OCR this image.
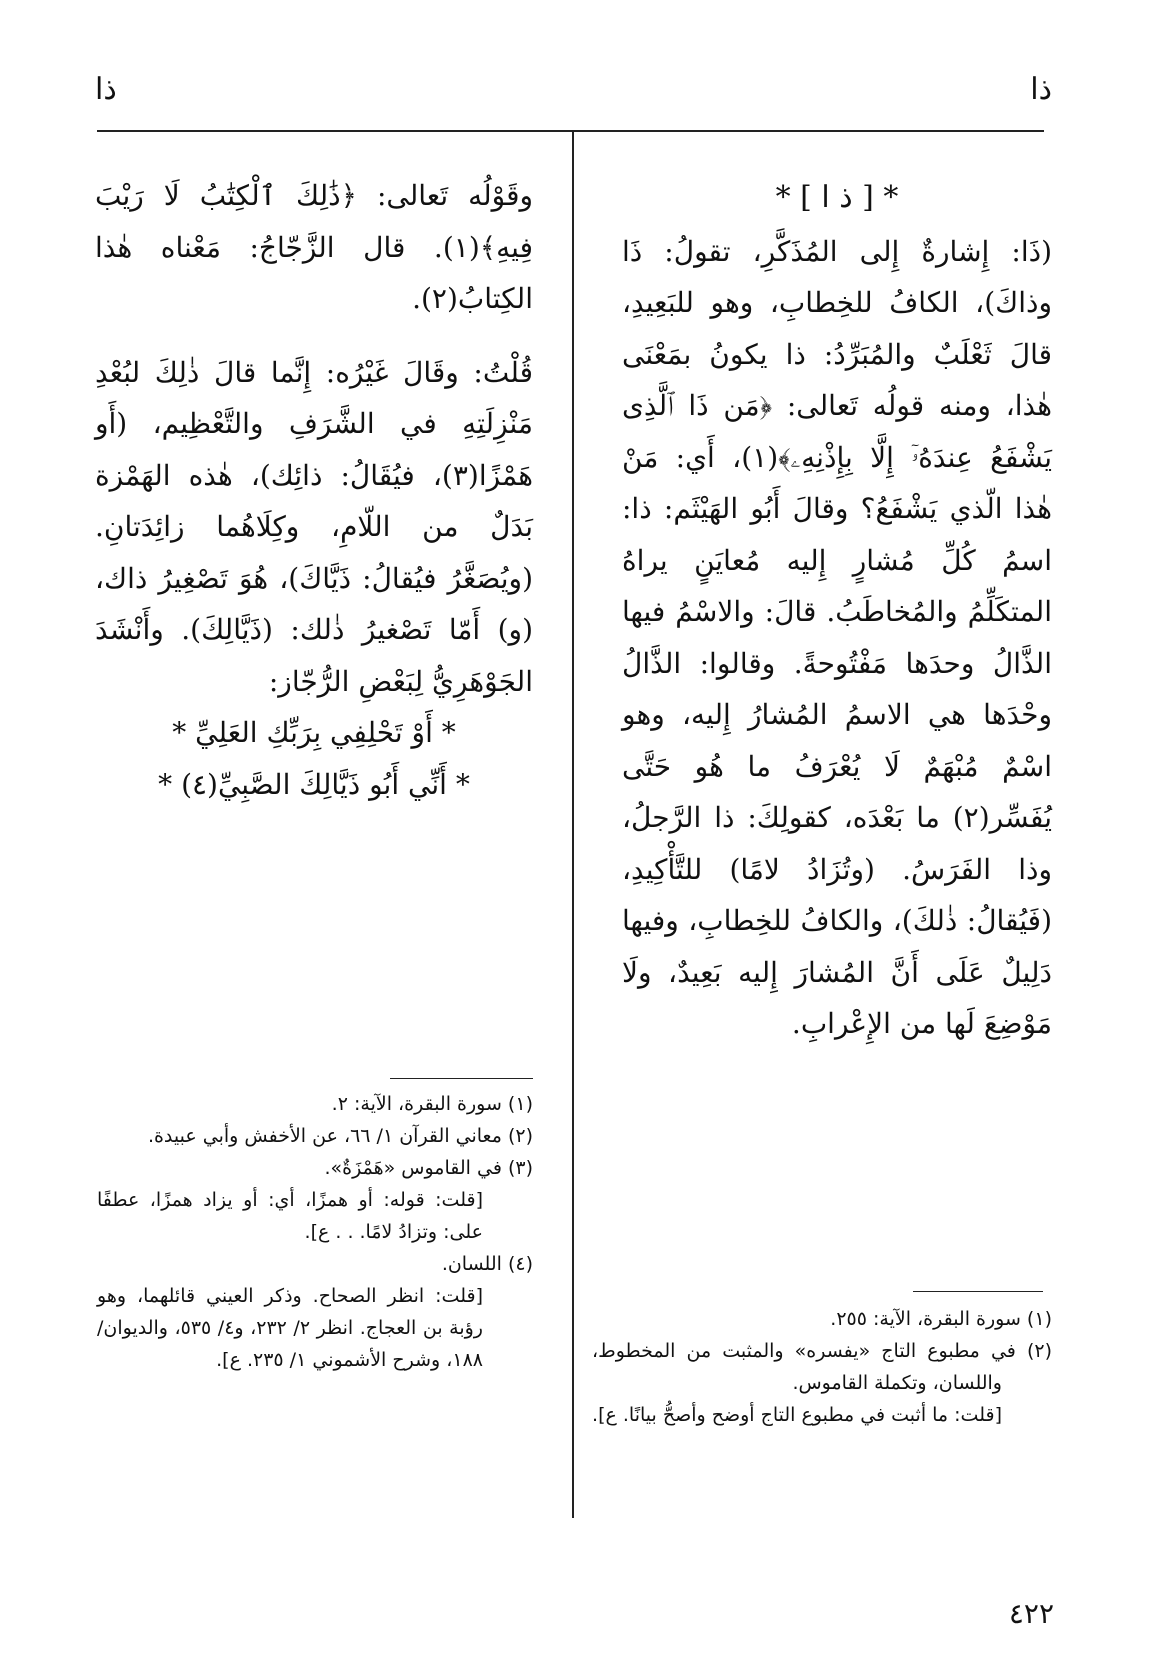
ذا
ذا
* [ ذ ا ] *

(ذَا: إِشارةٌ إِلى المُذَكَّرِ، تقولُ: ذَا وذاكَ)، الكافُ للخِطابِ، وهو للبَعِيدِ، قالَ ثَعْلَبٌ والمُبَرِّدُ: ذا يكونُ بمَعْنَى هٰذا، ومنه قولُه تَعالى: ﴿مَن ذَا ٱلَّذِى يَشْفَعُ عِندَهُۥٓ إِلَّا بِإِذْنِهِۦ﴾(١)، أَي: مَنْ هٰذا الّذي يَشْفَعُ؟ وقالَ أَبُو الهَيْثَم: ذا: اسمُ كُلِّ مُشارٍ إِليه مُعايَنٍ يراهُ المتكَلِّمُ والمُخاطَبُ. قالَ: والاسْمُ فيها الذَّالُ وحدَها مَفْتُوحةً. وقالوا: الذَّالُ وحْدَها هي الاسمُ المُشارُ إِليه، وهو اسْمٌ مُبْهَمٌ لَا يُعْرَفُ ما هُو حَتَّى يُفَسِّر(٢) ما بَعْدَه، كقولِكَ: ذا الرَّجلُ، وذا الفَرَسُ. (وتُزَادُ لامًا) للتَّأْكِيدِ، (فَيُقالُ: ذٰلكَ)، والكافُ للخِطابِ، وفيها دَلِيلٌ عَلَى أَنَّ المُشارَ إِليه بَعِيدٌ، ولَا مَوْضِعَ لَها من الإِعْرابِ.

وقَوْلُه تَعالى: ﴿ذَٰلِكَ ٱلْكِتَٰبُ لَا رَيْبَ فِيهِ﴾(١). قال الزَّجّاجُ: مَعْناه هٰذا الكِتابُ(٢).

قُلْتُ: وقَالَ غَيْرُه: إِنَّما قالَ ذٰلِكَ لبُعْدِ مَنْزِلَتِهِ في الشَّرَفِ والتَّعْظِيم، (أَو هَمْزًا(٣)، فيُقَالُ: ذائِك)، هٰذه الهَمْزة بَدَلٌ من اللّامِ، وكِلَاهُما زائِدَتانِ. (ويُصَغَّرُ فيُقالُ: ذَيَّاكَ)، هُوَ تَصْغِيرُ ذاك، (و) أَمّا تَصْغيرُ ذٰلك: (ذَيَّالِكَ). وأَنْشَدَ الجَوْهَرِيُّ لِبَعْضِ الرُّجّاز:

* أَوْ تَحْلِفِي بِرَبِّكِ العَلِيِّ *
* أَنِّي أَبُو ذَيَّالِكَ الصَّبِيِّ(٤) *

(١) سورة البقرة، الآية: ٢.

(٢) معاني القرآن ١/ ٦٦، عن الأخفش وأبي عبيدة.

(٣) في القاموس «هَمْزَةٌ».

[قلت: قوله: أو همزًا، أي: أو يزاد همزًا، عطفًا على: وتزادُ لامًا. . . ع].

(٤) اللسان.

[قلت: انظر الصحاح. وذكر العيني قائلهما، وهو رؤبة بن العجاج. انظر ٢/ ٢٣٢، و٤/ ٥٣٥، والديوان/ ١٨٨، وشرح الأشموني ١/ ٢٣٥. ع].

(١) سورة البقرة، الآية: ٢٥٥.

(٢) في مطبوع التاج «يفسره» والمثبت من المخطوط، واللسان، وتكملة القاموس.

[قلت: ما أثبت في مطبوع التاج أوضح وأصحُّ بيانًا. ع].

٤٢٢
